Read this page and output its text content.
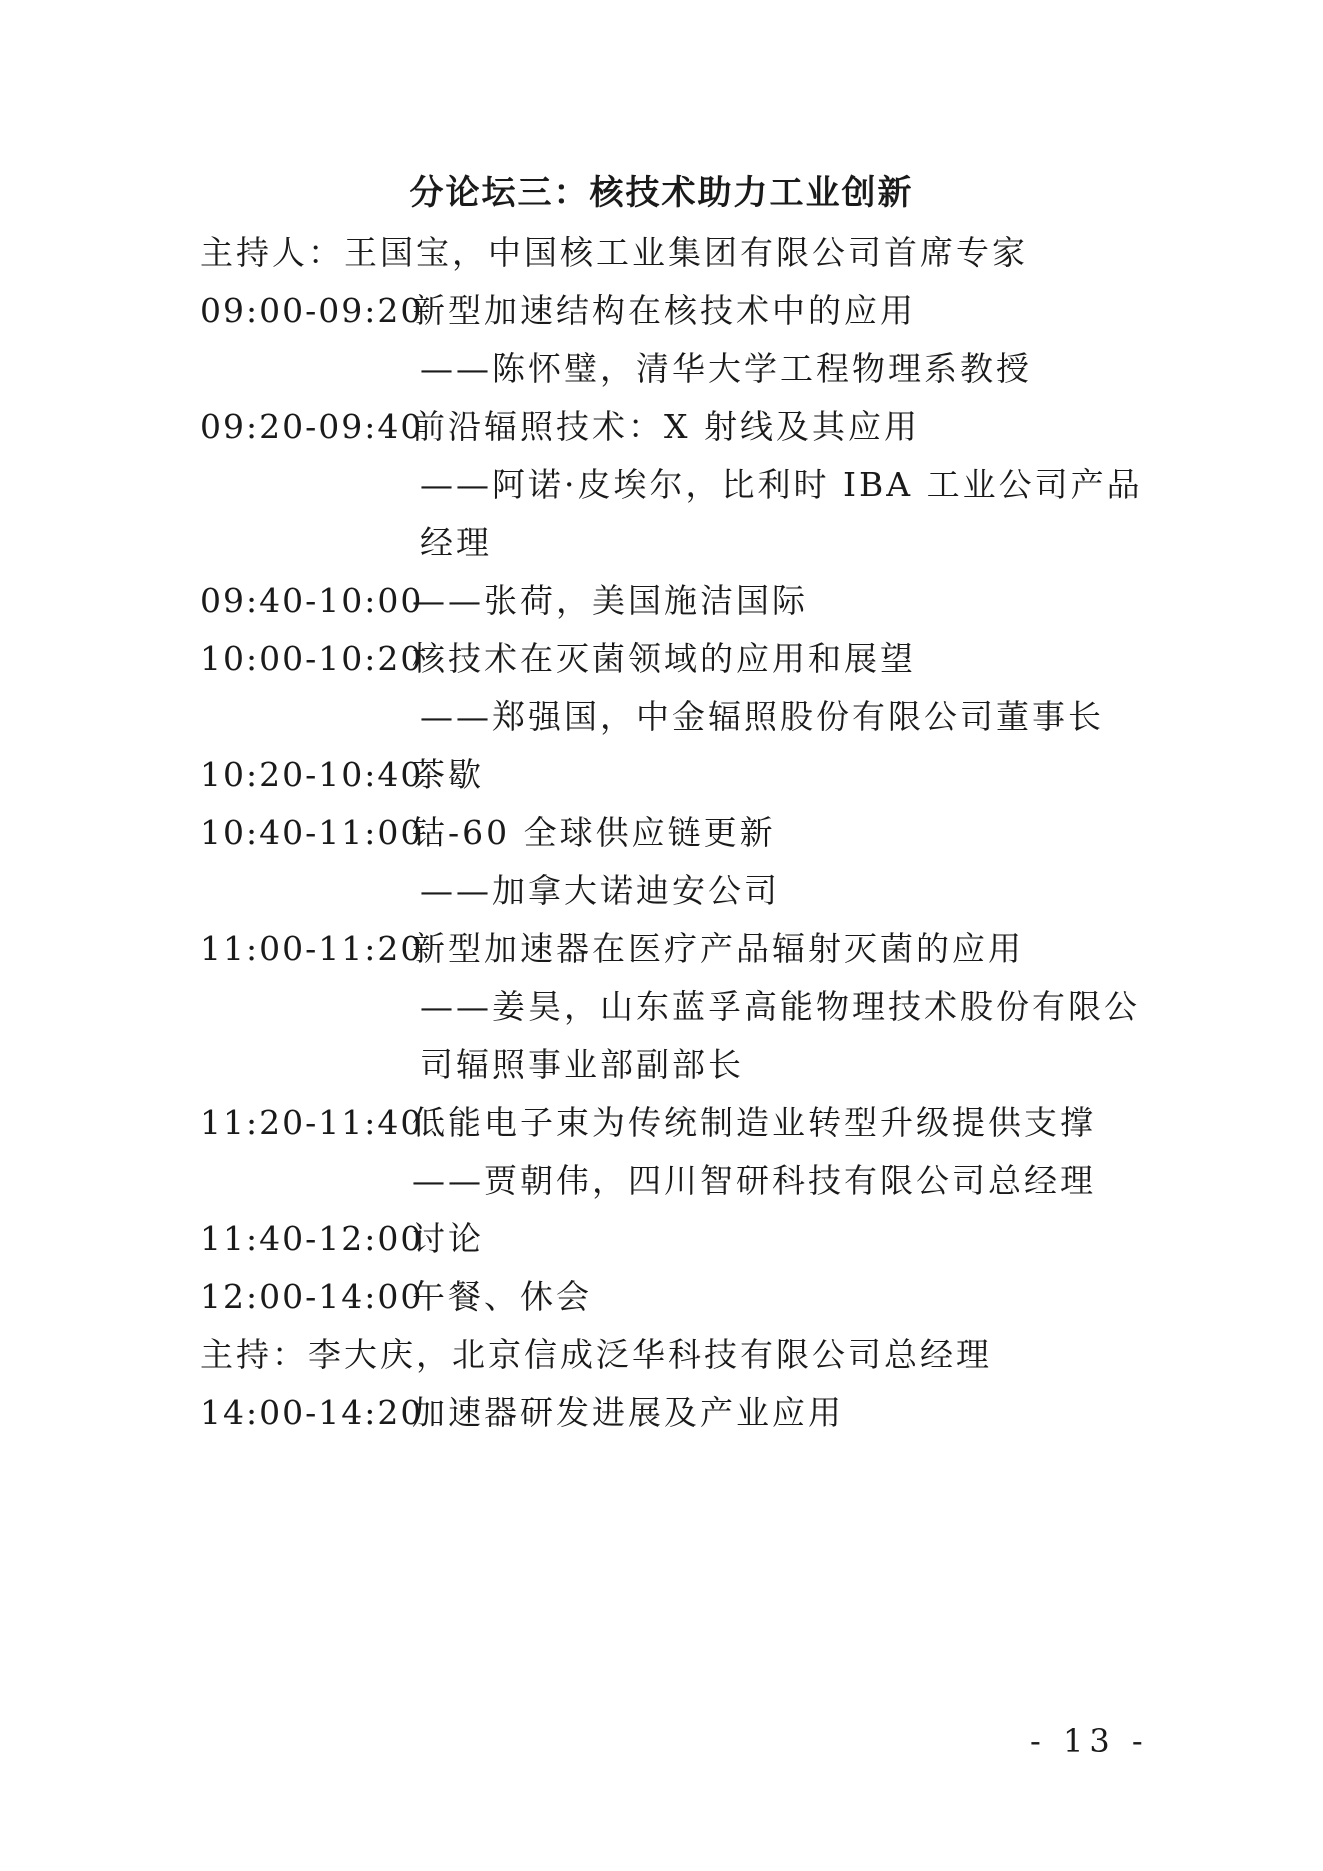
分论坛三：核技术助力工业创新
主持人：王国宝，中国核工业集团有限公司首席专家
09:00-09:20新型加速结构在核技术中的应用
——陈怀璧，清华大学工程物理系教授
09:20-09:40前沿辐照技术：X 射线及其应用
——阿诺·皮埃尔，比利时 IBA 工业公司产品
经理
09:40-10:00——张荷，美国施洁国际
10:00-10:20核技术在灭菌领域的应用和展望
——郑强国，中金辐照股份有限公司董事长
10:20-10:40茶歇
10:40-11:00钴-60 全球供应链更新
——加拿大诺迪安公司
11:00-11:20新型加速器在医疗产品辐射灭菌的应用
——姜昊，山东蓝孚高能物理技术股份有限公
司辐照事业部副部长
11:20-11:40低能电子束为传统制造业转型升级提供支撑
——贾朝伟，四川智研科技有限公司总经理
11:40-12:00讨论
12:00-14:00午餐、休会
主持：李大庆，北京信成泛华科技有限公司总经理
14:00-14:20加速器研发进展及产业应用
- 13 -
